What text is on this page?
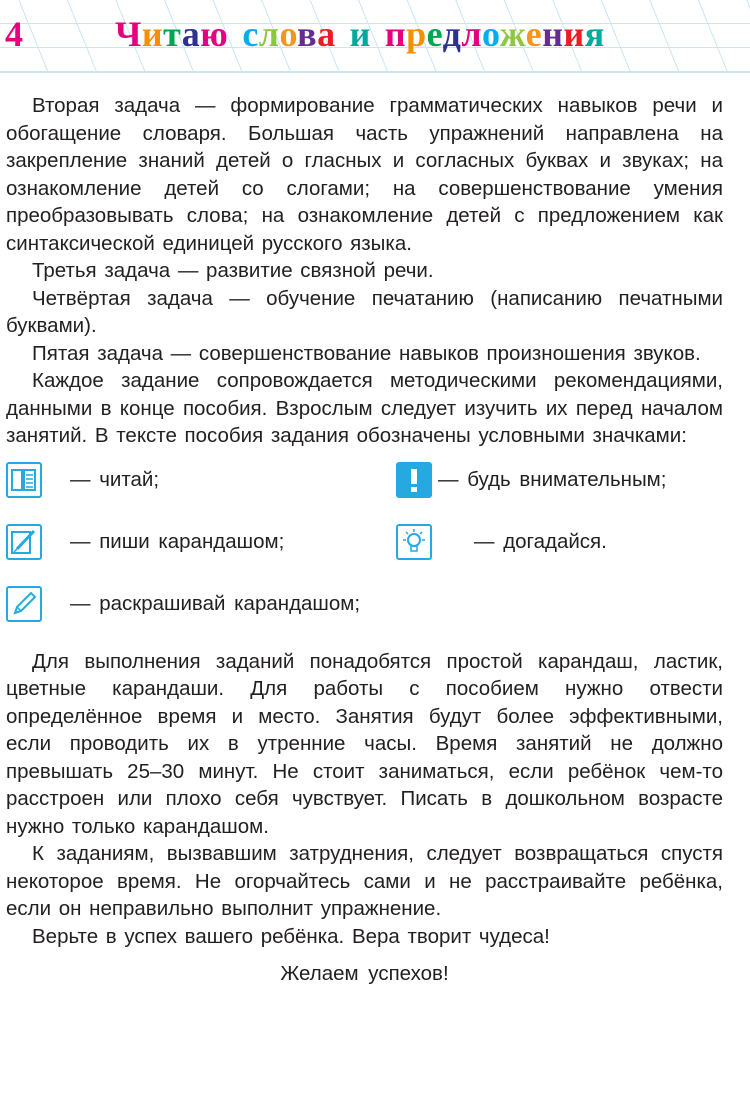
4	Читаю слова и предложения

Вторая задача — формирование грамматических навыков речи и обогащение словаря. Большая часть упражнений направлена на закрепление знаний детей о гласных и согласных буквах и звуках; на ознакомление детей со слогами; на совершенствование умения преобразовывать слова; на ознакомление детей с предложением как синтаксической единицей русского языка.

Третья задача — развитие связной речи.

Четвёртая задача — обучение печатанию (написанию печатными буквами).

Пятая задача — совершенствование навыков произношения звуков.

Каждое задание сопровождается методическими рекомендациями, данными в конце пособия. Взрослым следует изучить их перед началом занятий. В тексте пособия задания обозначены условными значками:

— читай;
— пиши карандашом;
— раскрашивай карандашом;
— будь внимательным;
— догадайся.

Для выполнения заданий понадобятся простой карандаш, ластик, цветные карандаши. Для работы с пособием нужно отвести определённое время и место. Занятия будут более эффективными, если проводить их в утренние часы. Время занятий не должно превышать 25–30 минут. Не стоит заниматься, если ребёнок чем-то расстроен или плохо себя чувствует. Писать в дошкольном возрасте нужно только карандашом.

К заданиям, вызвавшим затруднения, следует возвращаться спустя некоторое время. Не огорчайтесь сами и не расстраивайте ребёнка, если он неправильно выполнит упражнение.

Верьте в успех вашего ребёнка. Вера творит чудеса!

Желаем успехов!
